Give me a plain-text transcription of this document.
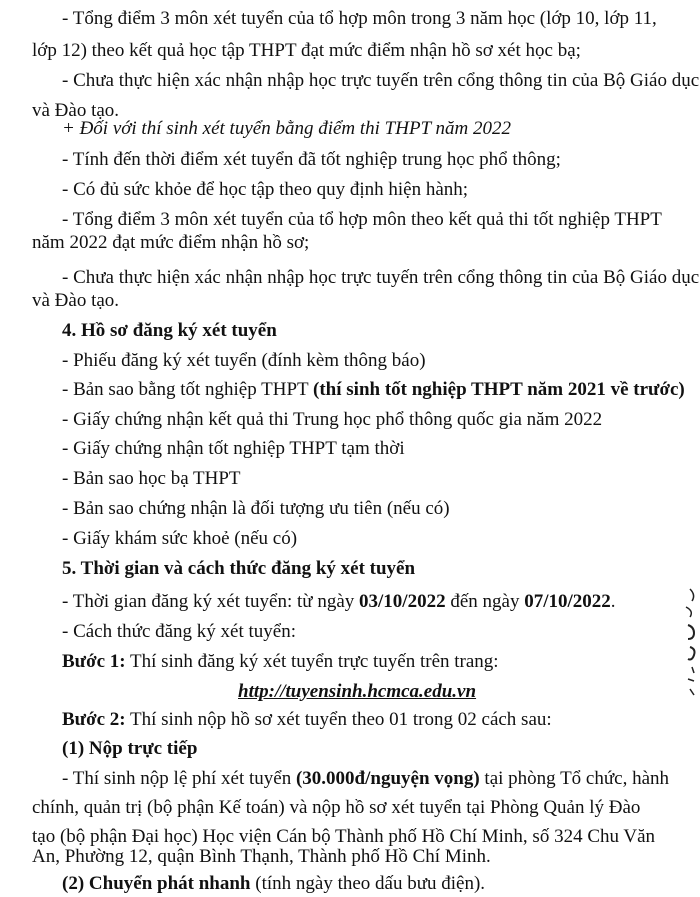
- Tổng điểm 3 môn xét tuyển của tổ hợp môn trong 3 năm học (lớp 10, lớp 11,
lớp 12) theo kết quả học tập THPT đạt mức điểm nhận hồ sơ xét học bạ;
- Chưa thực hiện xác nhận nhập học trực tuyến trên cổng thông tin của Bộ Giáo dục
và Đào tạo.
+ Đối với thí sinh xét tuyển bằng điểm thi THPT năm 2022
- Tính đến thời điểm xét tuyển đã tốt nghiệp trung học phổ thông;
- Có đủ sức khỏe để học tập theo quy định hiện hành;
- Tổng điểm 3 môn xét tuyển của tổ hợp môn theo kết quả thi tốt nghiệp THPT
năm 2022 đạt mức điểm nhận hồ sơ;
- Chưa thực hiện xác nhận nhập học trực tuyến trên cổng thông tin của Bộ Giáo dục
và Đào tạo.
4. Hồ sơ đăng ký xét tuyển
- Phiếu đăng ký xét tuyển (đính kèm thông báo)
- Bản sao bằng tốt nghiệp THPT (thí sinh tốt nghiệp THPT năm 2021 về trước)
- Giấy chứng nhận kết quả thi Trung học phổ thông quốc gia năm 2022
- Giấy chứng nhận tốt nghiệp THPT tạm thời
- Bản sao học bạ THPT
- Bản sao chứng nhận là đối tượng ưu tiên (nếu có)
- Giấy khám sức khoẻ (nếu có)
5. Thời gian và cách thức đăng ký xét tuyển
- Thời gian đăng ký xét tuyển: từ ngày 03/10/2022 đến ngày 07/10/2022.
- Cách thức đăng ký xét tuyển:
Bước 1: Thí sinh đăng ký xét tuyển trực tuyến trên trang:
http://tuyensinh.hcmca.edu.vn
Bước 2: Thí sinh nộp hồ sơ xét tuyển theo 01 trong 02 cách sau:
(1) Nộp trực tiếp
- Thí sinh nộp lệ phí xét tuyển (30.000đ/nguyện vọng) tại phòng Tổ chức, hành
chính, quản trị (bộ phận Kế toán) và nộp hồ sơ xét tuyển tại Phòng Quản lý Đào
tạo (bộ phận Đại học) Học viện Cán bộ Thành phố Hồ Chí Minh, số 324 Chu Văn
An, Phường 12, quận Bình Thạnh, Thành phố Hồ Chí Minh.
(2) Chuyển phát nhanh (tính ngày theo dấu bưu điện).
